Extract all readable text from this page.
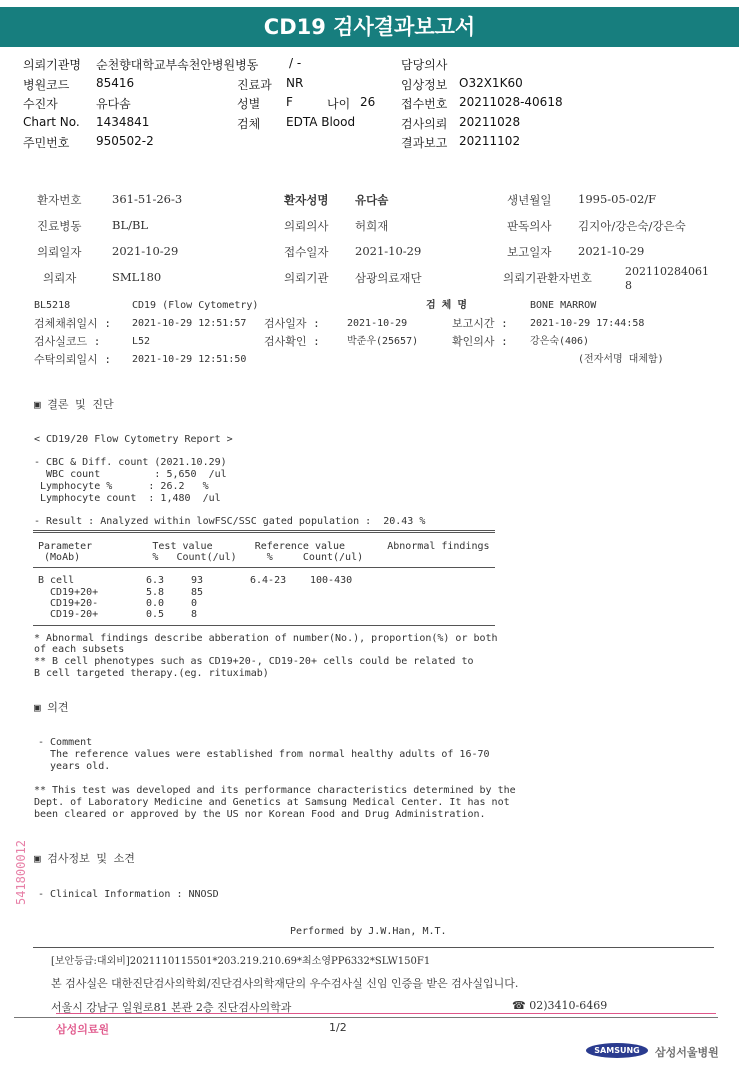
CD19 검사결과보고서
의뢰기관명 순천향대학교부속천안병원병동	/ -	담당의사
병원코드 85416	진료과 NR	임상정보 O32X1K60
수진자	유다솜	성별 F	나이 26 접수번호 20211028-40618
Chart No. 1434841	검체 EDTA Blood	검사의뢰 20211028
주민번호 950502-2	결과보고 20211102
환자번호	361-51-26-3	환자성명 유다솜	생년월일 1995-05-02/F
진료병동	BL/BL	의뢰의사 허희재	판독의사 김지아/강은숙/강은숙
의뢰일자	2021-10-29	접수일자 2021-10-29	보고일자 2021-10-29
의뢰자	SML180	의뢰기관 삼광의료재단	의뢰기관환자번호	202110284061
8
BL5218	CD19 (Flow Cytometry)	검 체 명	BONE MARROW
검체채취일시 : 2021-10-29 12:51:57 검사일자 :	2021-10-29	보고시간 : 2021-10-29 17:44:58
검사실코드 :	L52	검사확인 :	박준우(25657)	확인의사 : 강은숙(406)
수탁의뢰일시 : 2021-10-29 12:51:50	(전자서명 대체함)
▣ 결론 및 진단
< CD19/20 Flow Cytometry Report >
- CBC & Diff. count (2021.10.29)
WBC count         : 5,650  /ul
Lymphocyte %      : 26.2   %
Lymphocyte count  : 1,480  /ul
- Result : Analyzed within lowFSC/SSC gated population :  20.43 %
Parameter          Test value       Reference value       Abnormal findings
(MoAb)            %   Count(/ul)     %     Count(/ul)
B cell	6.3	93	6.4-23 100-430
CD19+20+	5.8	85
CD19+20-	0.0	0
CD19-20+	0.5	8
* Abnormal findings describe abberation of number(No.), proportion(%) or both
of each subsets
** B cell phenotypes such as CD19+20-, CD19-20+ cells could be related to
B cell targeted therapy.(eg. rituximab)
▣ 의견
- Comment
The reference values were established from normal healthy adults of 16-70
years old.
** This test was developed and its performance characteristics determined by the
Dept. of Laboratory Medicine and Genetics at Samsung Medical Center. It has not
been cleared or approved by the US nor Korean Food and Drug Administration.
▣ 검사정보 및 소견
- Clinical Information : NNOSD
Performed by J.W.Han, M.T.
541800012
[보안등급:대외비]2021110115501*203.219.210.69*최소영PP6332*SLW150F1
본 검사실은 대한진단검사의학회/진단검사의학재단의 우수검사실 신임 인증을 받은 검사실입니다.
서울시 강남구 일원로81 본관 2층 진단검사의학과	☎ 02)3410-6469
삼성의료원	1/2
SAMSUNG	삼성서울병원
